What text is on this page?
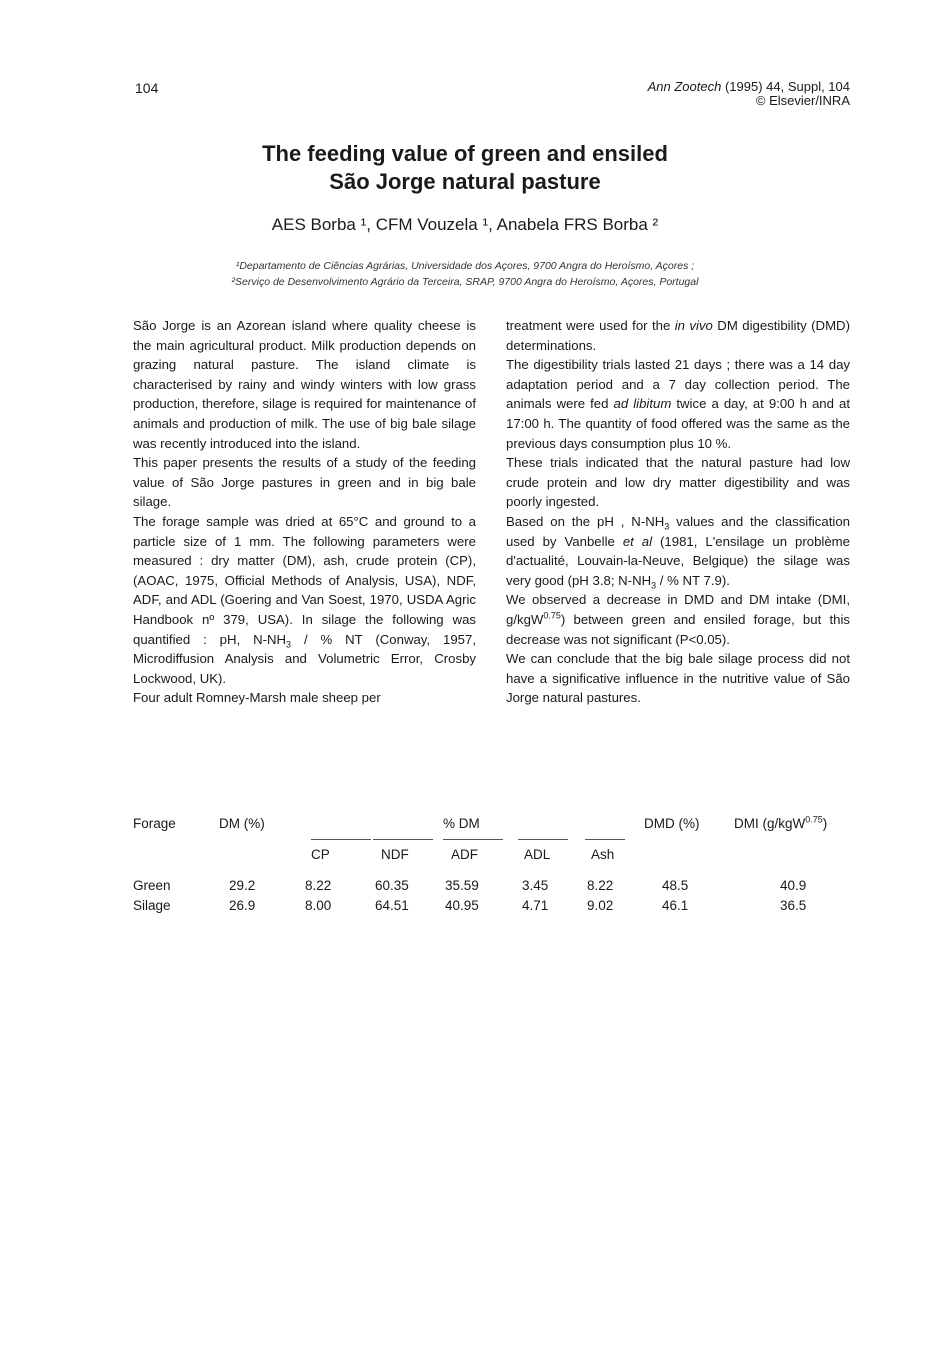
104	Ann Zootech (1995) 44, Suppl, 104
© Elsevier/INRA
The feeding value of green and ensiled
São Jorge natural pasture
AES Borba ¹, CFM Vouzela ¹, Anabela FRS Borba ²
¹Departamento de Ciências Agrárias, Universidade dos Açores, 9700 Angra do Heroísmo, Açores ;
²Serviço de Desenvolvimento Agrário da Terceira, SRAP, 9700 Angra do Heroísmo, Açores, Portugal

São Jorge is an Azorean island where quality cheese is the main agricultural product. Milk production depends on grazing natural pasture. The island climate is characterised by rainy and windy winters with low grass production, therefore, silage is required for maintenance of animals and production of milk. The use of big bale silage was recently introduced into the island.

This paper presents the results of a study of the feeding value of São Jorge pastures in green and in big bale silage.

The forage sample was dried at 65°C and ground to a particle size of 1 mm. The following parameters were measured : dry matter (DM), ash, crude protein (CP), (AOAC, 1975, Official Methods of Analysis, USA), NDF, ADF, and ADL (Goering and Van Soest, 1970, USDA Agric Handbook nº 379, USA). In silage the following was quantified : pH, $N-NH_3$ / % NT (Conway, 1957, Microdiffusion Analysis and Volumetric Error, Crosby Lockwood, UK).

Four adult Romney-Marsh male sheep per

treatment were used for the in vivo DM digestibility (DMD) determinations.

The digestibility trials lasted 21 days ; there was a 14 day adaptation period and a 7 day collection period. The animals were fed ad libitum twice a day, at 9:00 h and at 17:00 h. The quantity of food offered was the same as the previous days consumption plus 10 %.

These trials indicated that the natural pasture had low crude protein and low dry matter digestibility and was poorly ingested.

Based on the pH , $N-NH_3$ values and the classification used by Vanbelle et al (1981, L'ensilage un problème d'actualité, Louvain-la-Neuve, Belgique) the silage was very good (pH 3.8; $N-NH_3$ / % NT 7.9).

We observed a decrease in DMD and DM intake (DMI, g/kgW$^{0.75}$) between green and ensiled forage, but this decrease was not significant (P<0.05).

We can conclude that the big bale silage process did not have a significative influence in the nutritive value of São Jorge natural pastures.

Forage	DM (%)	% DM	DMD (%)	DMI (g/kgW$^{0.75}$)
CP	NDF	ADF	ADL	Ash
Green	29.2	8.22	60.35	35.59	3.45	8.22	48.5	40.9
Silage	26.9	8.00	64.51	40.95	4.71	9.02	46.1	36.5
